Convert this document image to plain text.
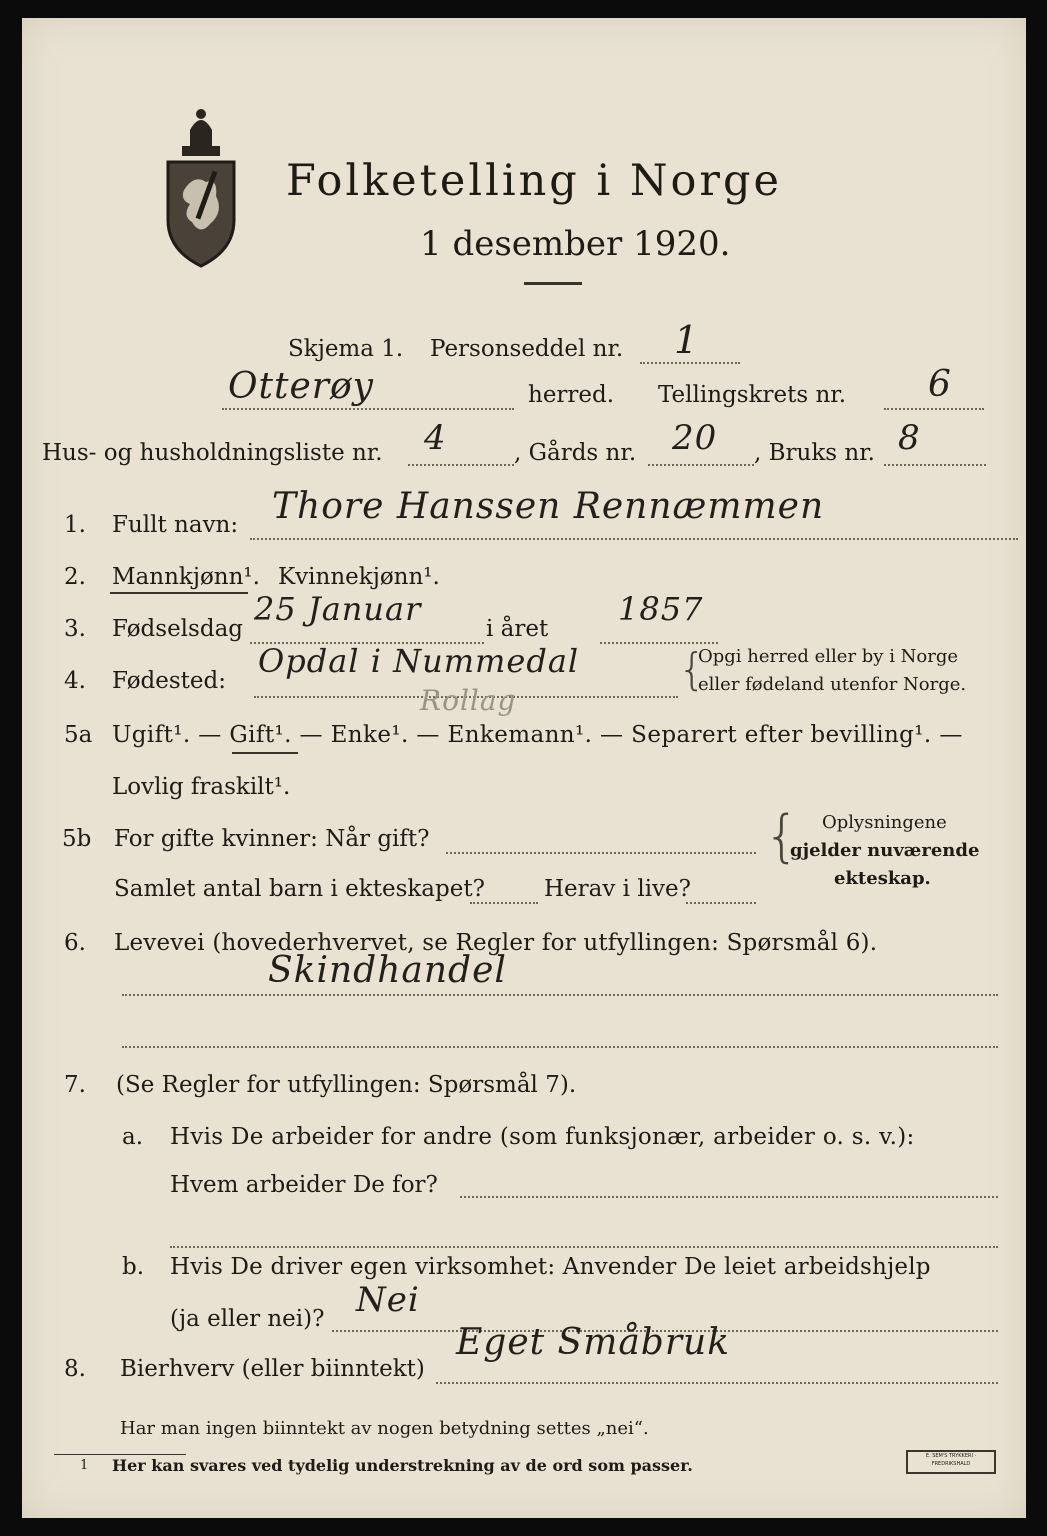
Folketelling i Norge
1 desember 1920.
Skjema 1. Personseddel nr. 1
Otterøy	herred. Tellingskrets nr. 6
Hus- og husholdningsliste nr. 4	, Gårds nr. 20 , Bruks nr. 8
1. Fullt navn: Thore Hanssen Rennæmmen
2. Mannkjønn¹. Kvinnekjønn¹.
3. Fødselsdag
25 Januar
i året
1857
4. Fødested:
Opdal i Nummedal
Rollag
{
Opgi herred eller by i Norge
eller fødeland utenfor Norge.
5a Ugift¹. — Gift¹. — Enke¹. — Enkemann¹. — Separert efter bevilling¹. —
Lovlig fraskilt¹.
5b For gifte kvinner: Når gift?
Samlet antal barn i ekteskapet?	Herav i live?
{ Oplysningene
gjelder nuværende
ekteskap.
6. Levevei (hovederhvervet, se Regler for utfyllingen: Spørsmål 6).
Skindhandel
7. (Se Regler for utfyllingen: Spørsmål 7).
a. Hvis De arbeider for andre (som funksjonær, arbeider o. s. v.):
Hvem arbeider De for?
b. Hvis De driver egen virksomhet: Anvender De leiet arbeidshjelp
(ja eller nei)? Nei
8. Bierhverv (eller biinntekt)
Eget Småbruk
Har man ingen biinntekt av nogen betydning settes „nei“.
1 Her kan svares ved tydelig understrekning av de ord som passer.	E. SEM'S TRYKKERI · FREDRIKSHALD
